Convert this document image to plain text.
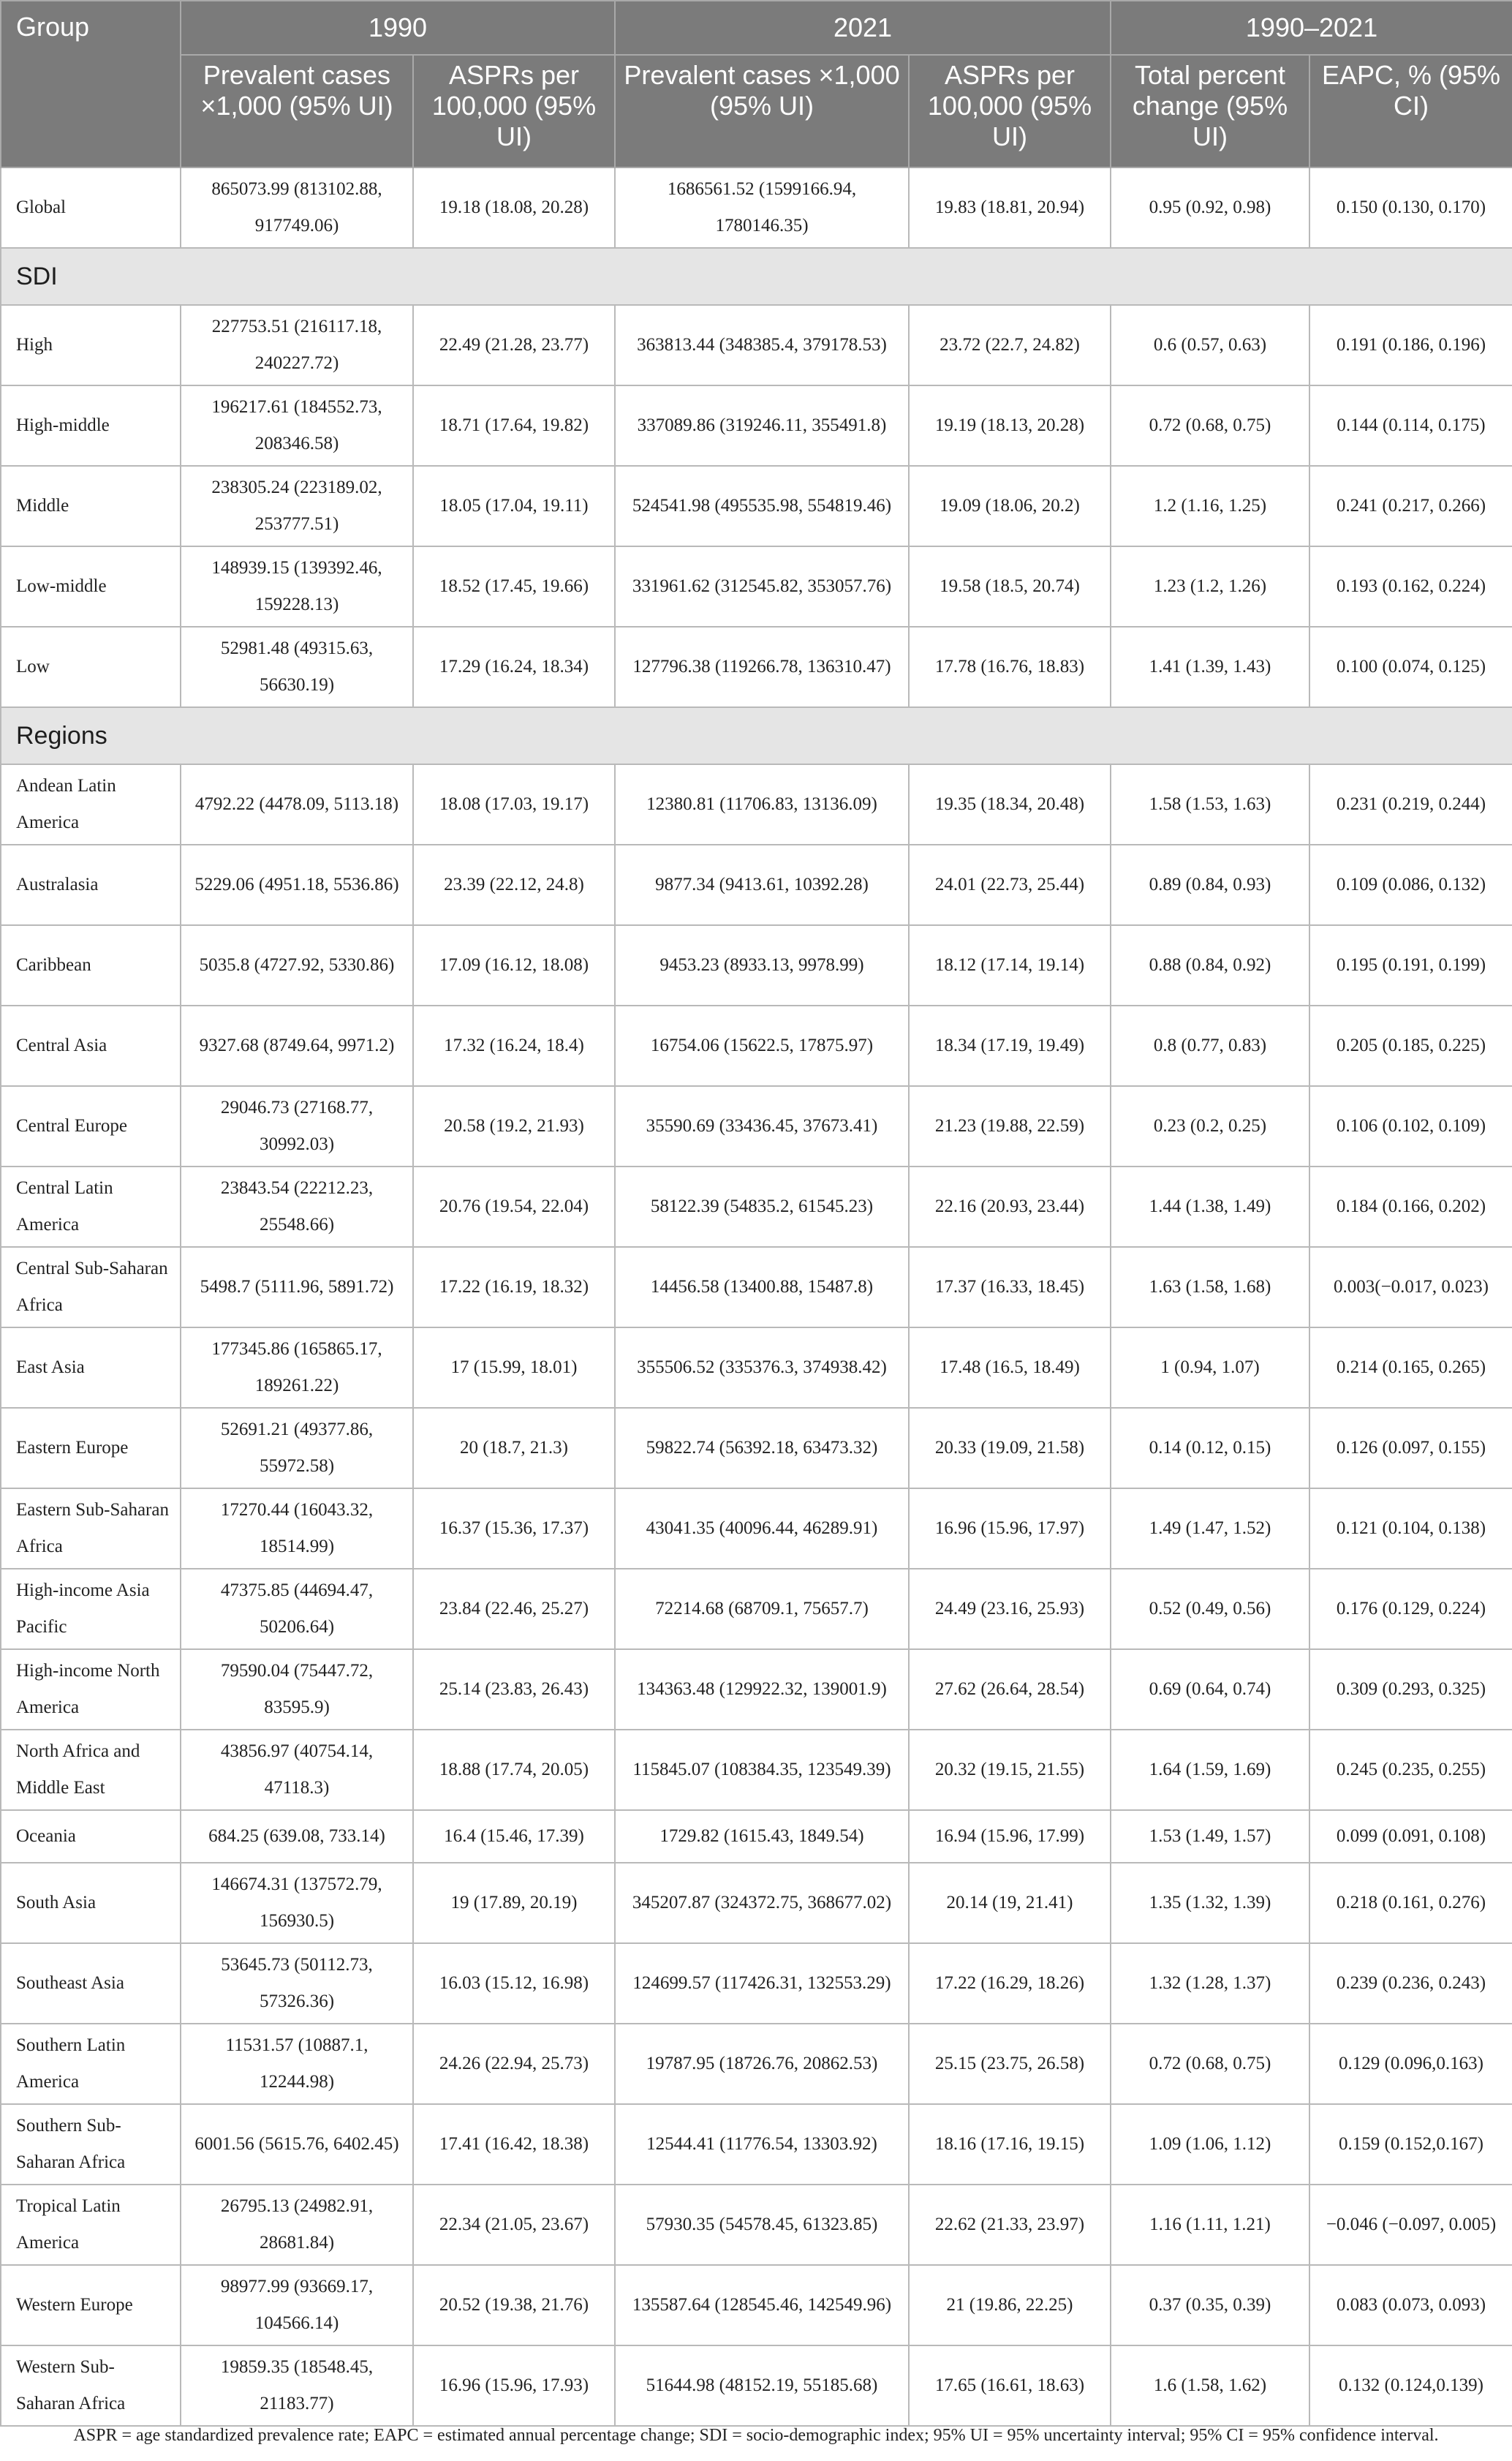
Group	1990		2021		1990–2021	
	Prevalent cases ×1,000 (95% UI)	ASPRs per 100,000 (95% UI)	Prevalent cases ×1,000 (95% UI)	ASPRs per 100,000 (95% UI)	Total percent change (95% UI)	EAPC, % (95% CI)
Global	865073.99 (813102.88, 917749.06)	19.18 (18.08, 20.28)	1686561.52 (1599166.94, 1780146.35)	19.83 (18.81, 20.94)	0.95 (0.92, 0.98)	0.150 (0.130, 0.170)
SDI						
High	227753.51 (216117.18, 240227.72)	22.49 (21.28, 23.77)	363813.44 (348385.4, 379178.53)	23.72 (22.7, 24.82)	0.6 (0.57, 0.63)	0.191 (0.186, 0.196)
High-middle	196217.61 (184552.73, 208346.58)	18.71 (17.64, 19.82)	337089.86 (319246.11, 355491.8)	19.19 (18.13, 20.28)	0.72 (0.68, 0.75)	0.144 (0.114, 0.175)
Middle	238305.24 (223189.02, 253777.51)	18.05 (17.04, 19.11)	524541.98 (495535.98, 554819.46)	19.09 (18.06, 20.2)	1.2 (1.16, 1.25)	0.241 (0.217, 0.266)
Low-middle	148939.15 (139392.46, 159228.13)	18.52 (17.45, 19.66)	331961.62 (312545.82, 353057.76)	19.58 (18.5, 20.74)	1.23 (1.2, 1.26)	0.193 (0.162, 0.224)
Low	52981.48 (49315.63, 56630.19)	17.29 (16.24, 18.34)	127796.38 (119266.78, 136310.47)	17.78 (16.76, 18.83)	1.41 (1.39, 1.43)	0.100 (0.074, 0.125)
Regions						
Andean Latin America	4792.22 (4478.09, 5113.18)	18.08 (17.03, 19.17)	12380.81 (11706.83, 13136.09)	19.35 (18.34, 20.48)	1.58 (1.53, 1.63)	0.231 (0.219, 0.244)
Australasia	5229.06 (4951.18, 5536.86)	23.39 (22.12, 24.8)	9877.34 (9413.61, 10392.28)	24.01 (22.73, 25.44)	0.89 (0.84, 0.93)	0.109 (0.086, 0.132)
Caribbean	5035.8 (4727.92, 5330.86)	17.09 (16.12, 18.08)	9453.23 (8933.13, 9978.99)	18.12 (17.14, 19.14)	0.88 (0.84, 0.92)	0.195 (0.191, 0.199)
Central Asia	9327.68 (8749.64, 9971.2)	17.32 (16.24, 18.4)	16754.06 (15622.5, 17875.97)	18.34 (17.19, 19.49)	0.8 (0.77, 0.83)	0.205 (0.185, 0.225)
Central Europe	29046.73 (27168.77, 30992.03)	20.58 (19.2, 21.93)	35590.69 (33436.45, 37673.41)	21.23 (19.88, 22.59)	0.23 (0.2, 0.25)	0.106 (0.102, 0.109)
Central Latin America	23843.54 (22212.23, 25548.66)	20.76 (19.54, 22.04)	58122.39 (54835.2, 61545.23)	22.16 (20.93, 23.44)	1.44 (1.38, 1.49)	0.184 (0.166, 0.202)
Central Sub-Saharan Africa	5498.7 (5111.96, 5891.72)	17.22 (16.19, 18.32)	14456.58 (13400.88, 15487.8)	17.37 (16.33, 18.45)	1.63 (1.58, 1.68)	0.003(−0.017, 0.023)
East Asia	177345.86 (165865.17, 189261.22)	17 (15.99, 18.01)	355506.52 (335376.3, 374938.42)	17.48 (16.5, 18.49)	1 (0.94, 1.07)	0.214 (0.165, 0.265)
Eastern Europe	52691.21 (49377.86, 55972.58)	20 (18.7, 21.3)	59822.74 (56392.18, 63473.32)	20.33 (19.09, 21.58)	0.14 (0.12, 0.15)	0.126 (0.097, 0.155)
Eastern Sub-Saharan Africa	17270.44 (16043.32, 18514.99)	16.37 (15.36, 17.37)	43041.35 (40096.44, 46289.91)	16.96 (15.96, 17.97)	1.49 (1.47, 1.52)	0.121 (0.104, 0.138)
High-income Asia Pacific	47375.85 (44694.47, 50206.64)	23.84 (22.46, 25.27)	72214.68 (68709.1, 75657.7)	24.49 (23.16, 25.93)	0.52 (0.49, 0.56)	0.176 (0.129, 0.224)
High-income North America	79590.04 (75447.72, 83595.9)	25.14 (23.83, 26.43)	134363.48 (129922.32, 139001.9)	27.62 (26.64, 28.54)	0.69 (0.64, 0.74)	0.309 (0.293, 0.325)
North Africa and Middle East	43856.97 (40754.14, 47118.3)	18.88 (17.74, 20.05)	115845.07 (108384.35, 123549.39)	20.32 (19.15, 21.55)	1.64 (1.59, 1.69)	0.245 (0.235, 0.255)
Oceania	684.25 (639.08, 733.14)	16.4 (15.46, 17.39)	1729.82 (1615.43, 1849.54)	16.94 (15.96, 17.99)	1.53 (1.49, 1.57)	0.099 (0.091, 0.108)
South Asia	146674.31 (137572.79, 156930.5)	19 (17.89, 20.19)	345207.87 (324372.75, 368677.02)	20.14 (19, 21.41)	1.35 (1.32, 1.39)	0.218 (0.161, 0.276)
Southeast Asia	53645.73 (50112.73, 57326.36)	16.03 (15.12, 16.98)	124699.57 (117426.31, 132553.29)	17.22 (16.29, 18.26)	1.32 (1.28, 1.37)	0.239 (0.236, 0.243)
Southern Latin America	11531.57 (10887.1, 12244.98)	24.26 (22.94, 25.73)	19787.95 (18726.76, 20862.53)	25.15 (23.75, 26.58)	0.72 (0.68, 0.75)	0.129 (0.096,0.163)
Southern Sub-Saharan Africa	6001.56 (5615.76, 6402.45)	17.41 (16.42, 18.38)	12544.41 (11776.54, 13303.92)	18.16 (17.16, 19.15)	1.09 (1.06, 1.12)	0.159 (0.152,0.167)
Tropical Latin America	26795.13 (24982.91, 28681.84)	22.34 (21.05, 23.67)	57930.35 (54578.45, 61323.85)	22.62 (21.33, 23.97)	1.16 (1.11, 1.21)	−0.046 (−0.097, 0.005)
Western Europe	98977.99 (93669.17, 104566.14)	20.52 (19.38, 21.76)	135587.64 (128545.46, 142549.96)	21 (19.86, 22.25)	0.37 (0.35, 0.39)	0.083 (0.073, 0.093)
Western Sub-Saharan Africa	19859.35 (18548.45, 21183.77)	16.96 (15.96, 17.93)	51644.98 (48152.19, 55185.68)	17.65 (16.61, 18.63)	1.6 (1.58, 1.62)	0.132 (0.124,0.139)
ASPR = age standardized prevalence rate; EAPC = estimated annual percentage change; SDI = socio-demographic index; 95% UI = 95% uncertainty interval; 95% CI = 95% confidence interval.
